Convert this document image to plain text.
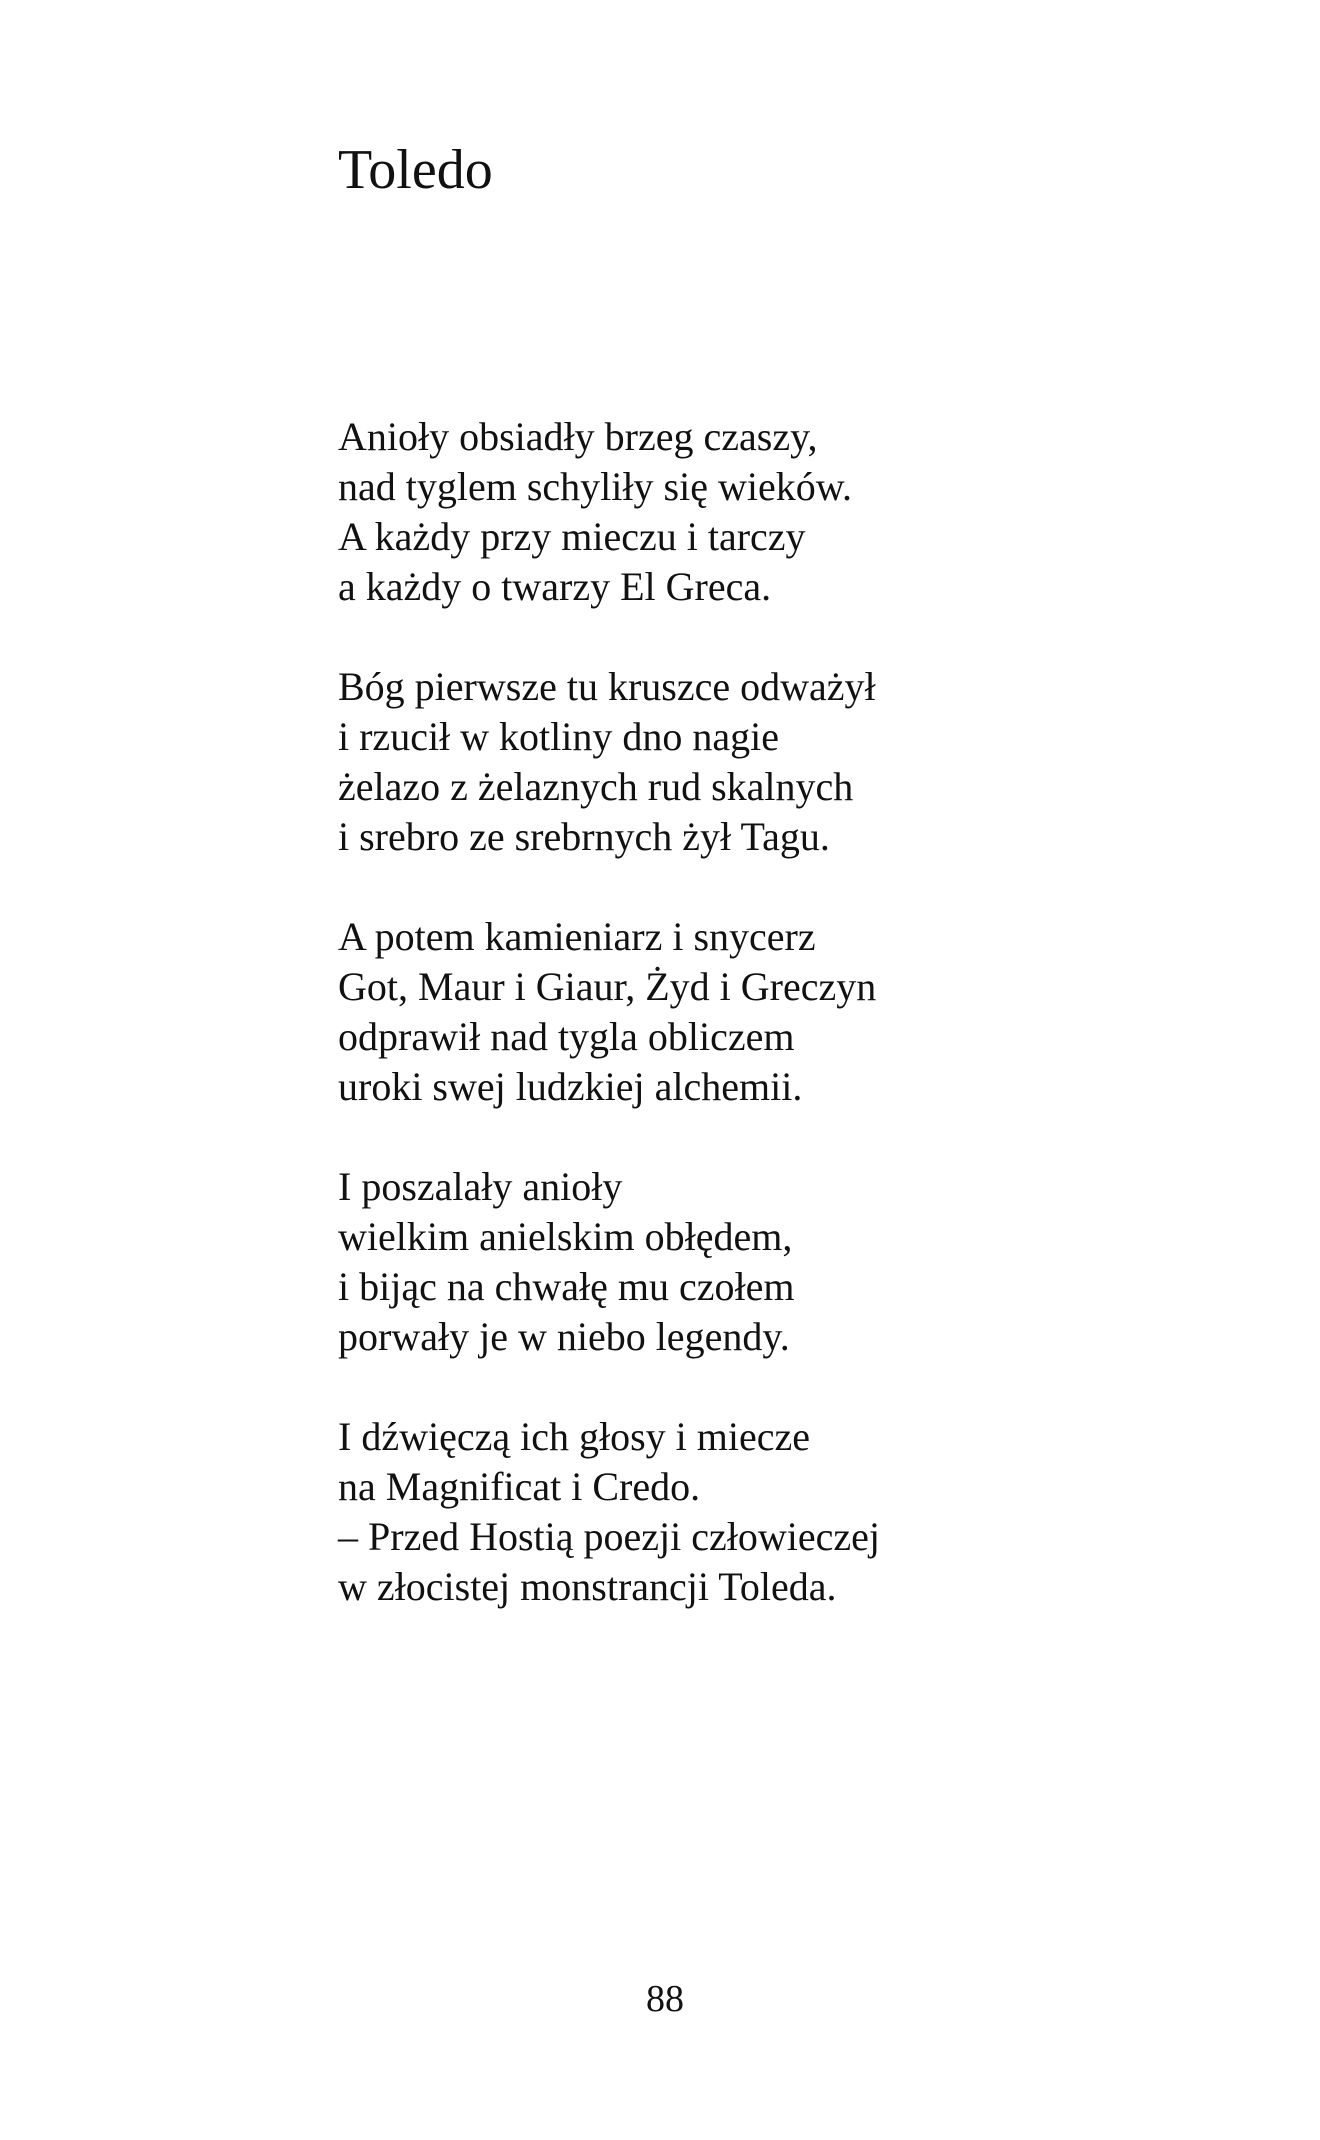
Toledo
Anioły obsiadły brzeg czaszy,
nad tyglem schyliły się wieków.
A każdy przy mieczu i tarczy
a każdy o twarzy El Greca.
Bóg pierwsze tu kruszce odważył
i rzucił w kotliny dno nagie
żelazo z żelaznych rud skalnych
i srebro ze srebrnych żył Tagu.
A potem kamieniarz i snycerz
Got, Maur i Giaur, Żyd i Greczyn
odprawił nad tygla obliczem
uroki swej ludzkiej alchemii.
I poszalały anioły
wielkim anielskim obłędem,
i bijąc na chwałę mu czołem
porwały je w niebo legendy.
I dźwięczą ich głosy i miecze
na Magnificat i Credo.
– Przed Hostią poezji człowieczej
w złocistej monstrancji Toleda.
88
